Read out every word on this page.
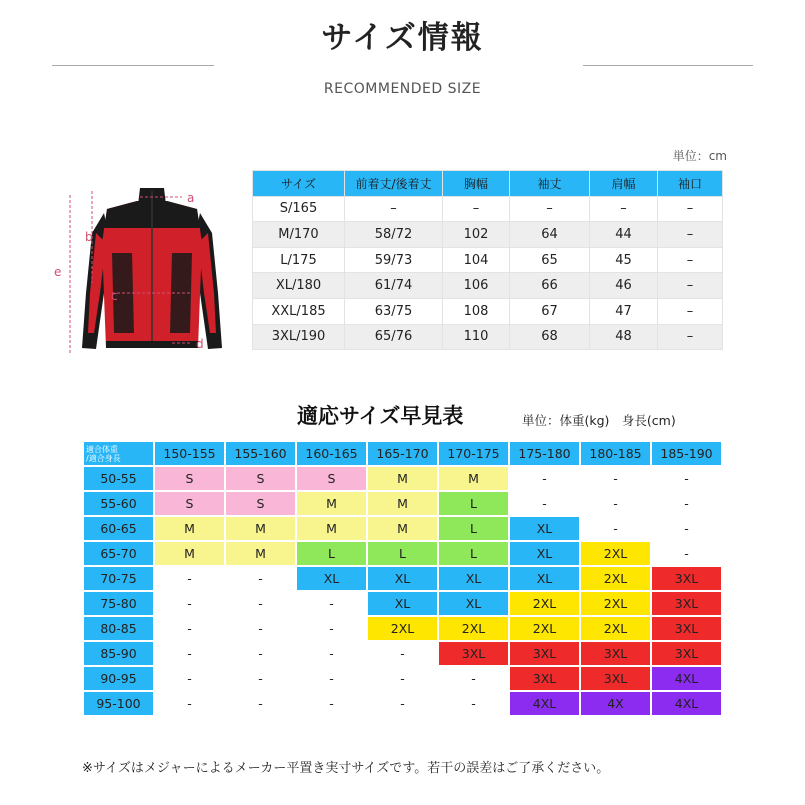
サイズ情報
RECOMMENDED SIZE
単位：cm
a
b
c
d
e
サイズ	前着丈/後着丈	胸幅	袖丈	肩幅	袖口
S/165	–	–	–	–	–
M/170	58/72	102	64	44	–
L/175	59/73	104	65	45	–
XL/180	61/74	106	66	46	–
XXL/185	63/75	108	67	47	–
3XL/190	65/76	110	68	48	–
適応サイズ早見表	単位：体重(kg)　身長(cm)
適合体重
/適合身長	150-155	155-160	160-165	165-170	170-175	175-180	180-185	185-190
50-55	S	S	S	M	M	-	-	-
55-60	S	S	M	M	L	-	-	-
60-65	M	M	M	M	L	XL	-	-
65-70	M	M	L	L	L	XL	2XL	-
70-75	-	-	XL	XL	XL	XL	2XL	3XL
75-80	-	-	-	XL	XL	2XL	2XL	3XL
80-85	-	-	-	2XL	2XL	2XL	2XL	3XL
85-90	-	-	-	-	3XL	3XL	3XL	3XL
90-95	-	-	-	-	-	3XL	3XL	4XL
95-100	-	-	-	-	-	4XL	4X	4XL
※サイズはメジャーによるメーカー平置き実寸サイズです。若干の誤差はご了承ください。
